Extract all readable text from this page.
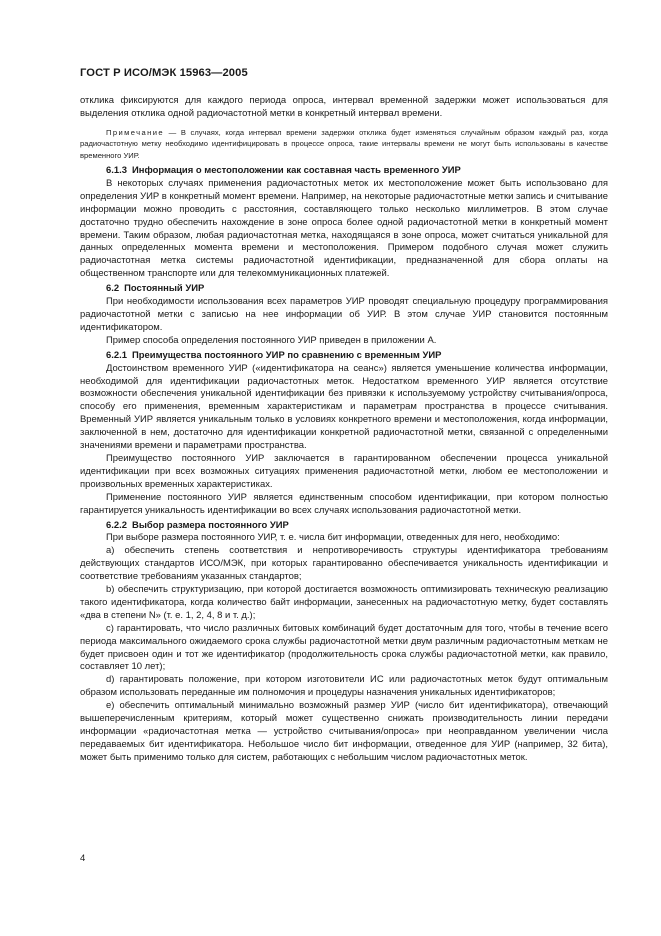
ГОСТ Р ИСО/МЭК 15963—2005

отклика фиксируются для каждого периода опроса, интервал временной задержки может использоваться для выделения отклика одной радиочастотной метки в конкретный интервал времени.

Примечание — В случаях, когда интервал времени задержки отклика будет изменяться случайным образом каждый раз, когда радиочастотную метку необходимо идентифицировать в процессе опроса, такие интервалы времени не могут быть использованы в качестве временного УИР.

6.1.3 Информация о местоположении как составная часть временного УИР

В некоторых случаях применения радиочастотных меток их местоположение может быть использовано для определения УИР в конкретный момент времени. Например, на некоторые радиочастотные метки запись и считывание информации можно проводить с расстояния, составляющего только несколько миллиметров. В этом случае достаточно трудно обеспечить нахождение в зоне опроса более одной радиочастотной метки в конкретный момент времени. Таким образом, любая радиочастотная метка, находящаяся в зоне опроса, может считаться уникальной для данных определенных момента времени и местоположения. Примером подобного случая может служить радиочастотная метка системы радиочастотной идентификации, предназначенной для сбора оплаты на общественном транспорте или для телекоммуникационных платежей.

6.2 Постоянный УИР

При необходимости использования всех параметров УИР проводят специальную процедуру программирования радиочастотной метки с записью на нее информации об УИР. В этом случае УИР становится постоянным идентификатором.

Пример способа определения постоянного УИР приведен в приложении А.

6.2.1 Преимущества постоянного УИР по сравнению с временным УИР

Достоинством временного УИР («идентификатора на сеанс») является уменьшение количества информации, необходимой для идентификации радиочастотных меток. Недостатком временного УИР является отсутствие возможности обеспечения уникальной идентификации без привязки к используемому устройству считывания/опроса, способу его применения, временным характеристикам и параметрам пространства в процессе считывания. Временный УИР является уникальным только в условиях конкретного времени и местоположения, когда информации, заключенной в нем, достаточно для идентификации конкретной радиочастотной метки, связанной с определенными значениями времени и параметрами пространства.

Преимущество постоянного УИР заключается в гарантированном обеспечении процесса уникальной идентификации при всех возможных ситуациях применения радиочастотной метки, любом ее местоположении и произвольных временных характеристиках.

Применение постоянного УИР является единственным способом идентификации, при котором полностью гарантируется уникальность идентификации во всех случаях использования радиочастотной метки.

6.2.2 Выбор размера постоянного УИР

При выборе размера постоянного УИР, т. е. числа бит информации, отведенных для него, необходимо:

а) обеспечить степень соответствия и непротиворечивость структуры идентификатора требованиям действующих стандартов ИСО/МЭК, при которых гарантированно обеспечивается уникальность идентификации и соответствие требованиям указанных стандартов;

b) обеспечить структуризацию, при которой достигается возможность оптимизировать техническую реализацию такого идентификатора, когда количество байт информации, занесенных на радиочастотную метку, будет составлять «два в степени N» (т. е. 1, 2, 4, 8 и т. д.);

с) гарантировать, что число различных битовых комбинаций будет достаточным для того, чтобы в течение всего периода максимального ожидаемого срока службы радиочастотной метки двум различным радиочастотным меткам не будет присвоен один и тот же идентификатор (продолжительность срока службы радиочастотной метки, как правило, составляет 10 лет);

d) гарантировать положение, при котором изготовители ИС или радиочастотных меток будут оптимальным образом использовать переданные им полномочия и процедуры назначения уникальных идентификаторов;

е) обеспечить оптимальный минимально возможный размер УИР (число бит идентификатора), отвечающий вышеперечисленным критериям, который может существенно снижать производительность линии передачи информации «радиочастотная метка — устройство считывания/опроса» при неоправданном увеличении числа передаваемых бит идентификатора. Небольшое число бит информации, отведенное для УИР (например, 32 бита), может быть применимо только для систем, работающих с небольшим числом радиочастотных меток.

4
